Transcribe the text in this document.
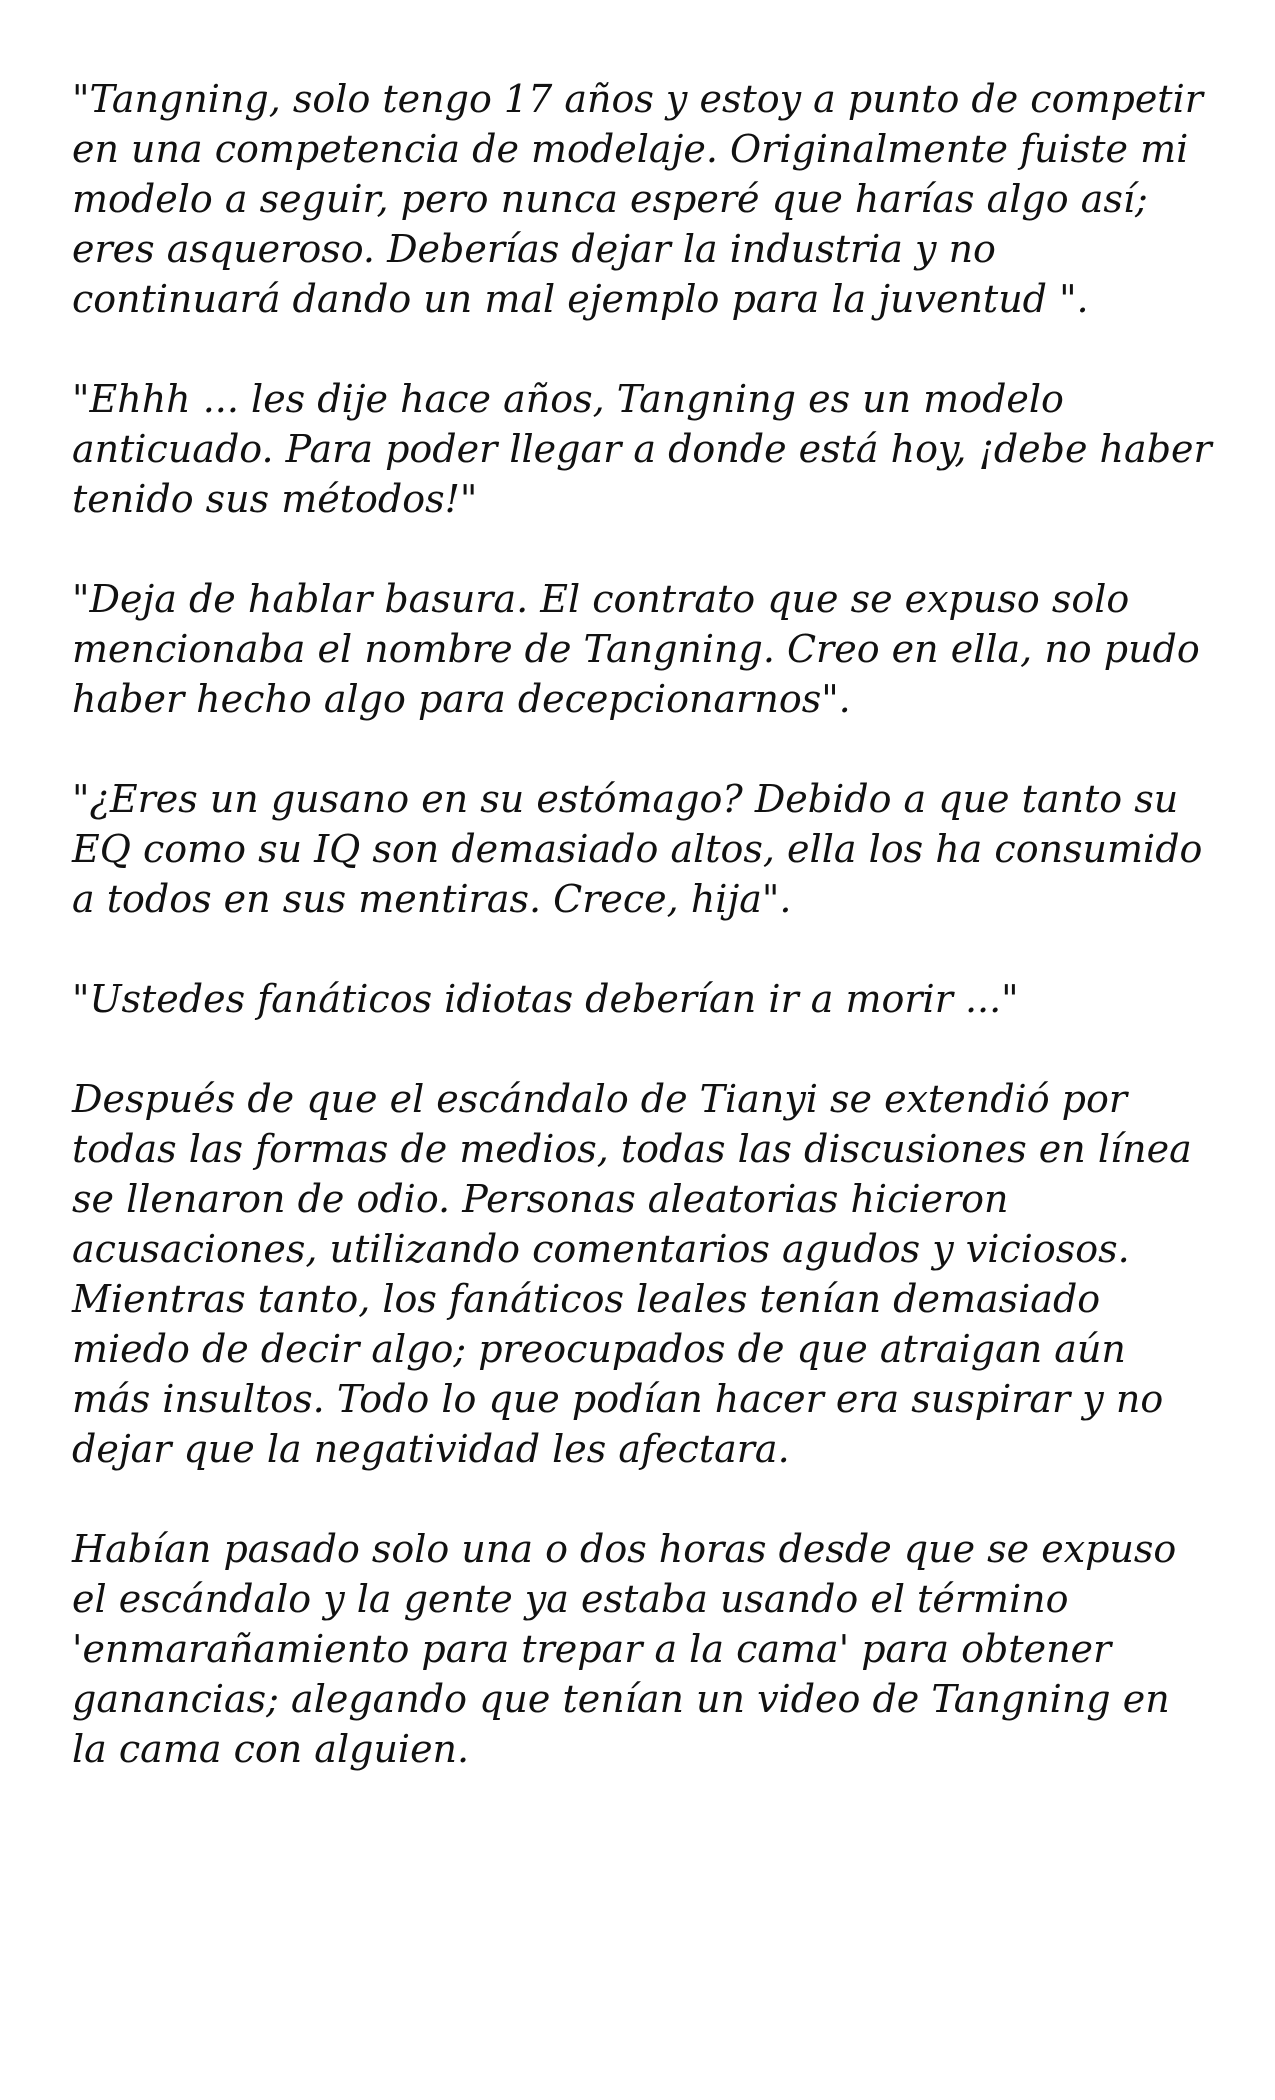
"Tangning, solo tengo 17 años y estoy a punto de competir en una competencia de modelaje. Originalmente fuiste mi modelo a seguir, pero nunca esperé que harías algo así; eres asqueroso. Deberías dejar la industria y no continuará dando un mal ejemplo para la juventud ".

"Ehhh ... les dije hace años, Tangning es un modelo anticuado. Para poder llegar a donde está hoy, ¡debe haber tenido sus métodos!"

"Deja de hablar basura. El contrato que se expuso solo mencionaba el nombre de Tangning. Creo en ella, no pudo haber hecho algo para decepcionarnos".

"¿Eres un gusano en su estómago? Debido a que tanto su EQ como su IQ son demasiado altos, ella los ha consumido a todos en sus mentiras. Crece, hija".

"Ustedes fanáticos idiotas deberían ir a morir ..."

Después de que el escándalo de Tianyi se extendió por todas las formas de medios, todas las discusiones en línea se llenaron de odio. Personas aleatorias hicieron acusaciones, utilizando comentarios agudos y viciosos. Mientras tanto, los fanáticos leales tenían demasiado miedo de decir algo; preocupados de que atraigan aún más insultos. Todo lo que podían hacer era suspirar y no dejar que la negatividad les afectara.

Habían pasado solo una o dos horas desde que se expuso el escándalo y la gente ya estaba usando el término 'enmarañamiento para trepar a la cama' para obtener ganancias; alegando que tenían un video de Tangning en la cama con alguien.
